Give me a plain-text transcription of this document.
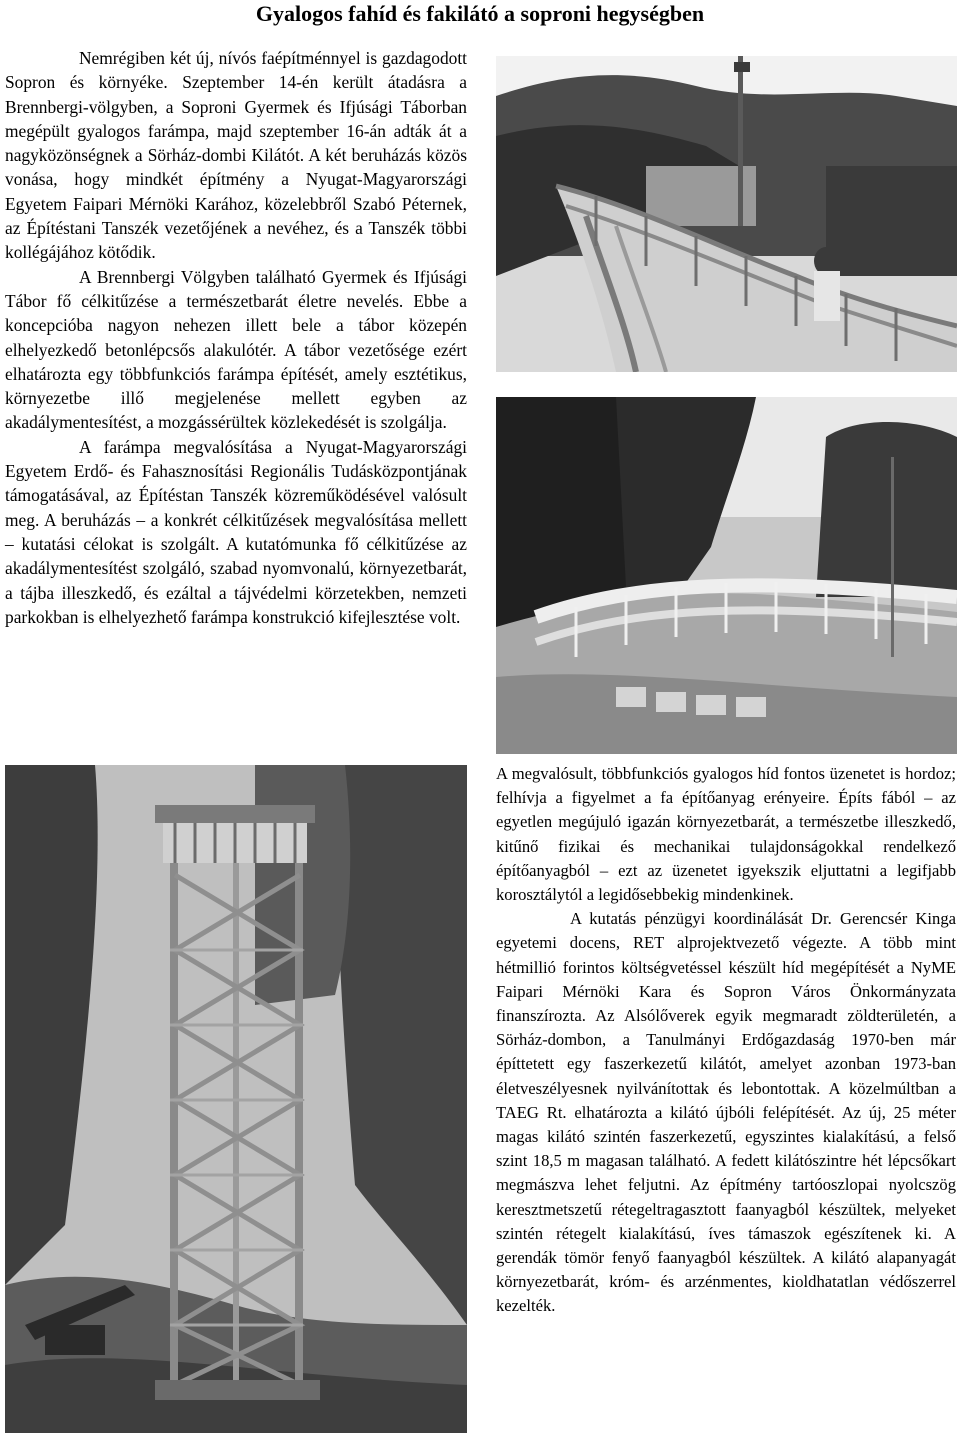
Gyalogos fahíd és fakilátó a soproni hegységben

Nemrégiben két új, nívós faépítménnyel is gazdagodott Sopron és környéke. Szeptember 14-én került átadásra a Brennbergi-völgyben, a Soproni Gyermek és Ifjúsági Táborban megépült gyalogos farámpa, majd szeptember 16-án adták át a nagyközönségnek a Sörház-dombi Kilátót. A két beruházás közös vonása, hogy mindkét építmény a Nyugat-Magyarországi Egyetem Faipari Mérnöki Karához, közelebbről Szabó Péternek, az Építéstani Tanszék vezetőjének a nevéhez, és a Tanszék többi kollégájához kötődik.

A Brennbergi Völgyben található Gyermek és Ifjúsági Tábor fő célkitűzése a természetbarát életre nevelés. Ebbe a koncepcióba nagyon nehezen illett bele a tábor közepén elhelyezkedő betonlépcsős alakulótér. A tábor vezetősége ezért elhatározta egy többfunkciós farámpa építését, amely esztétikus, környezetbe illő megjelenése mellett egyben az akadálymentesítést, a mozgássérültek közlekedését is szolgálja.

A farámpa megvalósítása a Nyugat-Magyarországi Egyetem Erdő- és Fahasznosítási Regionális Tudásközpontjának támogatásával, az Építéstan Tanszék közreműködésével valósult meg. A beruházás – a konkrét célkitűzések megvalósítása mellett – kutatási célokat is szolgált. A kutatómunka fő célkitűzése az akadálymentesítést szolgáló, szabad nyomvonalú, környezetbarát, a tájba illeszkedő, és ezáltal a tájvédelmi körzetekben, nemzeti parkokban is elhelyezhető farámpa konstrukció kifejlesztése volt.

A megvalósult, többfunkciós gyalogos híd fontos üzenetet is hordoz; felhívja a figyelmet a fa építőanyag erényeire. Építs fából – az egyetlen megújuló igazán környezetbarát, a természetbe illeszkedő, kitűnő fizikai és mechanikai tulajdonságokkal rendelkező építőanyagból – ezt az üzenetet igyekszik eljuttatni a legifjabb korosztálytól a legidősebbekig mindenkinek.

A kutatás pénzügyi koordinálását Dr. Gerencsér Kinga egyetemi docens, RET alprojektvezető végezte. A több mint hétmillió forintos költségvetéssel készült híd megépítését a NyME Faipari Mérnöki Kara és Sopron Város Önkormányzata finanszírozta. Az Alsólőverek egyik megmaradt zöldterületén, a Sörház-dombon, a Tanulmányi Erdőgazdaság 1970-ben már építtetett egy faszerkezetű kilátót, amelyet azonban 1973-ban életveszélyesnek nyilvánítottak és lebontottak. A közelmúltban a TAEG Rt. elhatározta a kilátó újbóli felépítését. Az új, 25 méter magas kilátó szintén faszerkezetű, egyszintes kialakítású, a felső szint 18,5 m magasan található. A fedett kilátószintre hét lépcsőkart megmászva lehet feljutni. Az építmény tartóoszlopai nyolcszög keresztmetszetű rétegeltragasztott faanyagból készültek, melyeket szintén rétegelt kialakítású, íves támaszok egészítenek ki. A gerendák tömör fenyő faanyagból készültek. A kilátó alapanyagát környezetbarát, króm- és arzénmentes, kioldhatatlan védőszerrel kezelték.
